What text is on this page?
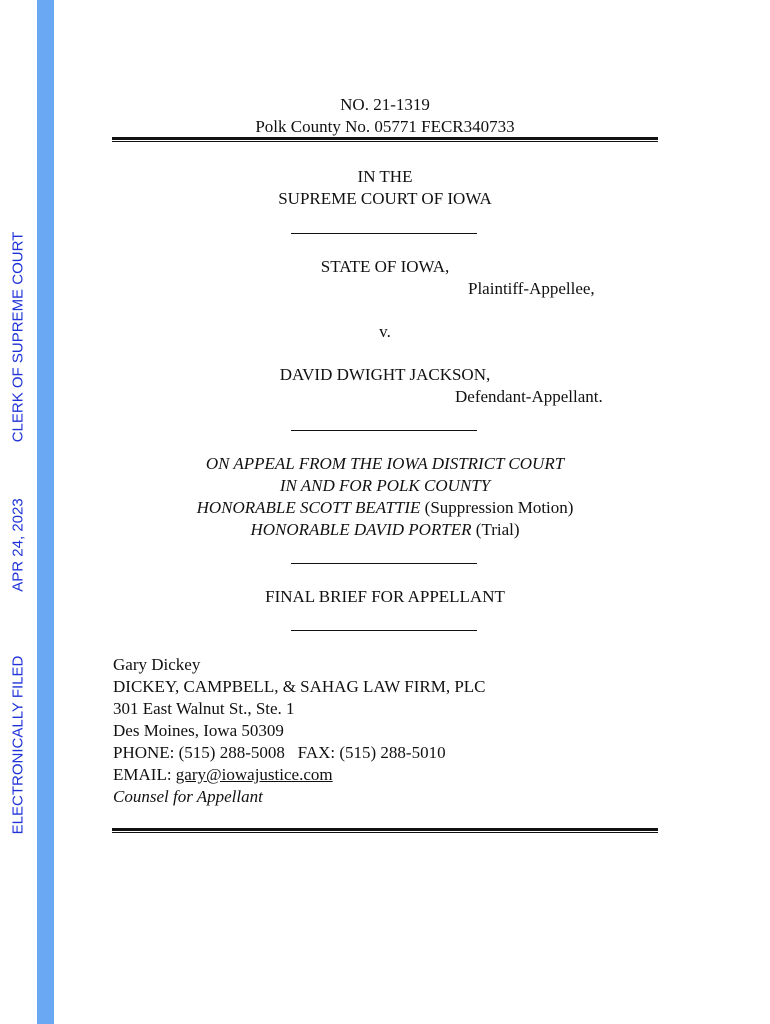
ELECTRONICALLY FILED
APR 24, 2023
CLERK OF SUPREME COURT
NO. 21-1319
Polk County No. 05771 FECR340733
IN THE
SUPREME COURT OF IOWA
STATE OF IOWA,
Plaintiff-Appellee,
v.
DAVID DWIGHT JACKSON,
Defendant-Appellant.
ON APPEAL FROM THE IOWA DISTRICT COURT
IN AND FOR POLK COUNTY
HONORABLE SCOTT BEATTIE (Suppression Motion)
HONORABLE DAVID PORTER (Trial)
FINAL BRIEF FOR APPELLANT
Gary Dickey
DICKEY, CAMPBELL, & SAHAG LAW FIRM, PLC
301 East Walnut St., Ste. 1
Des Moines, Iowa 50309
PHONE: (515) 288-5008   FAX: (515) 288-5010
EMAIL: gary@iowajustice.com
Counsel for Appellant
